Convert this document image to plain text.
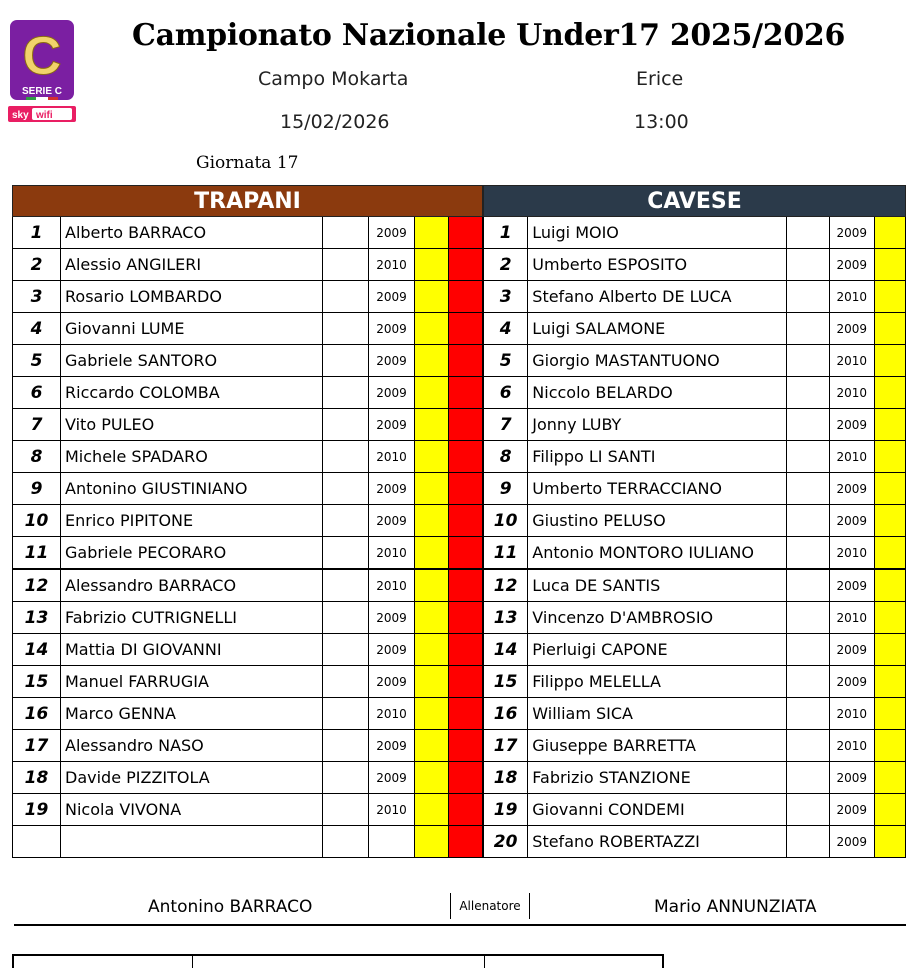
C
SERIE C
sky wifi
Campionato Nazionale Under17 2025/2026
Campo Mokarta	Erice
15/02/2026	13:00
Giornata 17
TRAPANI					
1	Alberto BARRACO		2009		
2	Alessio ANGILERI		2010		
3	Rosario LOMBARDO		2009		
4	Giovanni LUME		2009		
5	Gabriele SANTORO		2009		
6	Riccardo COLOMBA		2009		
7	Vito PULEO		2009		
8	Michele SPADARO		2010		
9	Antonino GIUSTINIANO		2009		
10	Enrico PIPITONE		2009		
11	Gabriele PECORARO		2010		
12	Alessandro BARRACO		2010		
13	Fabrizio CUTRIGNELLI		2009		
14	Mattia DI GIOVANNI		2009		
15	Manuel FARRUGIA		2009		
16	Marco GENNA		2010		
17	Alessandro NASO		2009		
18	Davide PIZZITOLA		2009		
19	Nicola VIVONA		2010		

CAVESE				
1	Luigi MOIO		2009	
2	Umberto ESPOSITO		2009	
3	Stefano Alberto DE LUCA		2010	
4	Luigi SALAMONE		2009	
5	Giorgio MASTANTUONO		2010	
6	Niccolo BELARDO		2010	
7	Jonny LUBY		2009	
8	Filippo LI SANTI		2010	
9	Umberto TERRACCIANO		2009	
10	Giustino PELUSO		2009	
11	Antonio MONTORO IULIANO		2010	
12	Luca DE SANTIS		2009	
13	Vincenzo D'AMBROSIO		2010	
14	Pierluigi CAPONE		2009	
15	Filippo MELELLA		2009	
16	William SICA		2010	
17	Giuseppe BARRETTA		2010	
18	Fabrizio STANZIONE		2009	
19	Giovanni CONDEMI		2009	
20	Stefano ROBERTAZZI		2009	
Antonino BARRACO	Allenatore	Mario ANNUNZIATA
